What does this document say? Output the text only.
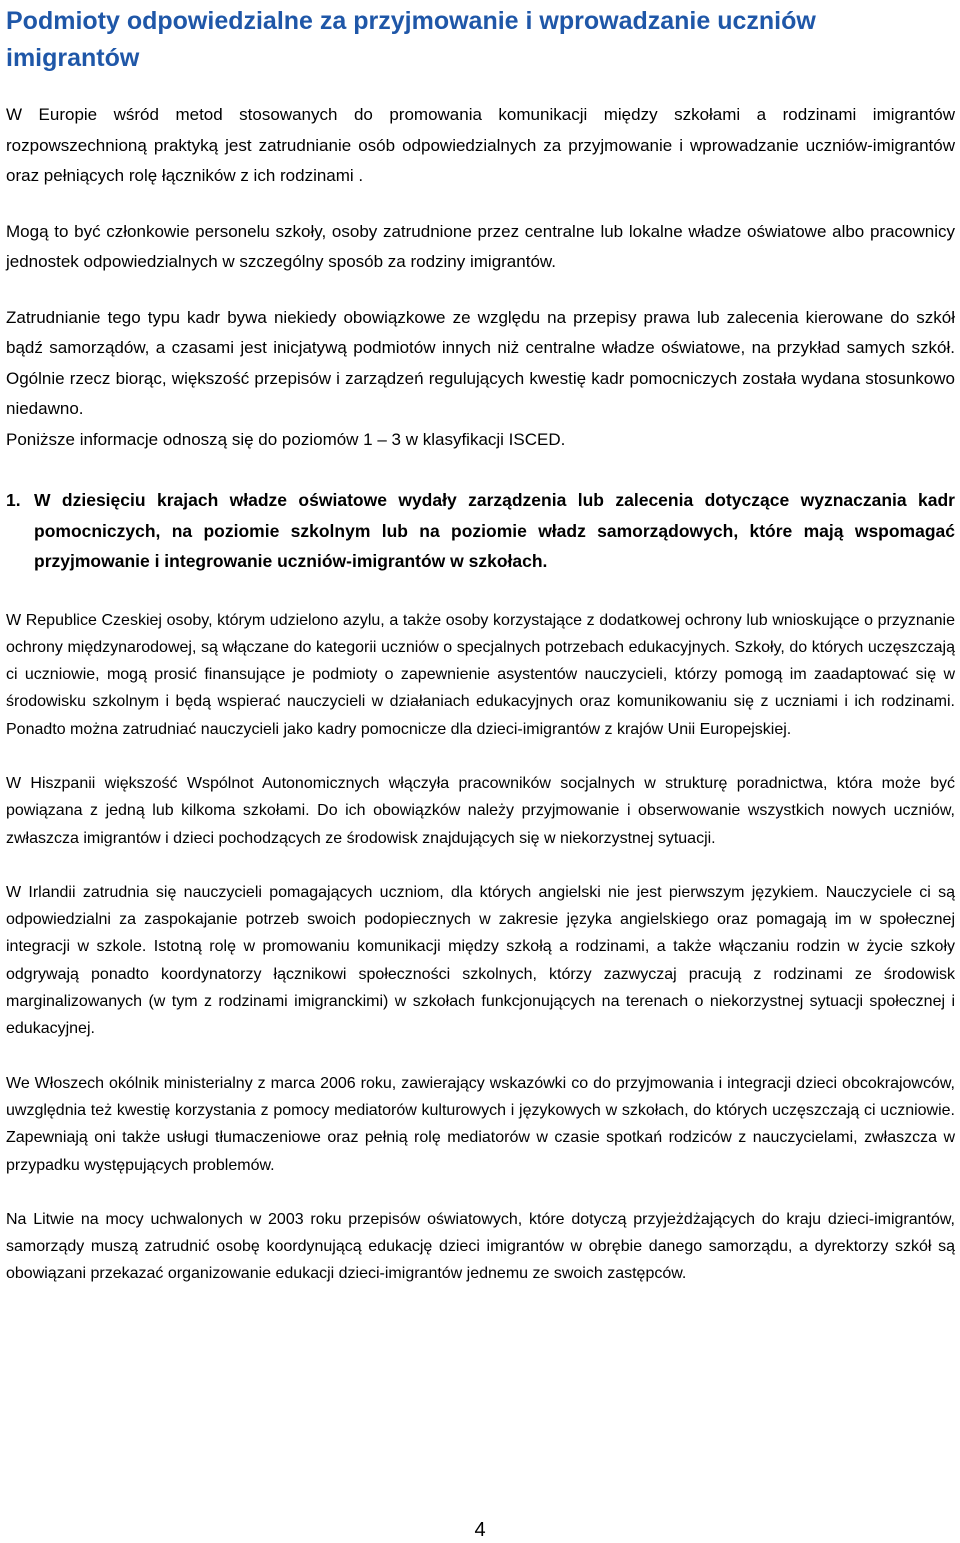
Podmioty odpowiedzialne za przyjmowanie i wprowadzanie uczniów imigrantów

W Europie wśród metod stosowanych do promowania komunikacji między szkołami a rodzinami imigrantów rozpowszechnioną praktyką jest zatrudnianie osób odpowiedzialnych za przyjmowanie i wprowadzanie uczniów-imigrantów oraz pełniących rolę łączników z ich rodzinami .

Mogą to być członkowie personelu szkoły, osoby zatrudnione przez centralne lub lokalne władze oświatowe albo pracownicy jednostek odpowiedzialnych w szczególny sposób za rodziny imigrantów.

Zatrudnianie tego typu kadr bywa niekiedy obowiązkowe ze względu na przepisy prawa lub zalecenia kierowane do szkół bądź samorządów, a czasami jest inicjatywą podmiotów innych niż centralne władze oświatowe, na przykład samych szkół. Ogólnie rzecz biorąc, większość przepisów i zarządzeń regulujących kwestię kadr pomocniczych została wydana stosunkowo niedawno.

Poniższe informacje odnoszą się do poziomów 1 – 3 w klasyfikacji ISCED.

1. W dziesięciu krajach władze oświatowe wydały zarządzenia lub zalecenia dotyczące wyznaczania kadr pomocniczych, na poziomie szkolnym lub na poziomie władz samorządowych, które mają wspomagać przyjmowanie i integrowanie uczniów-imigrantów w szkołach.

W Republice Czeskiej osoby, którym udzielono azylu, a także osoby korzystające z dodatkowej ochrony lub wnioskujące o przyznanie ochrony międzynarodowej, są włączane do kategorii uczniów o specjalnych potrzebach edukacyjnych. Szkoły, do których uczęszczają ci uczniowie, mogą prosić finansujące je podmioty o zapewnienie asystentów nauczycieli, którzy pomogą im zaadaptować się w środowisku szkolnym i będą wspierać nauczycieli w działaniach edukacyjnych oraz komunikowaniu się z uczniami i ich rodzinami. Ponadto można zatrudniać nauczycieli jako kadry pomocnicze dla dzieci-imigrantów z krajów Unii Europejskiej.

W Hiszpanii większość Wspólnot Autonomicznych włączyła pracowników socjalnych w strukturę poradnictwa, która może być powiązana z jedną lub kilkoma szkołami. Do ich obowiązków należy przyjmowanie i obserwowanie wszystkich nowych uczniów, zwłaszcza imigrantów i dzieci pochodzących ze środowisk znajdujących się w niekorzystnej sytuacji.

W Irlandii zatrudnia się nauczycieli pomagających uczniom, dla których angielski nie jest pierwszym językiem. Nauczyciele ci są odpowiedzialni za zaspokajanie potrzeb swoich podopiecznych w zakresie języka angielskiego oraz pomagają im w społecznej integracji w szkole. Istotną rolę w promowaniu komunikacji między szkołą a rodzinami, a także włączaniu rodzin w życie szkoły odgrywają ponadto koordynatorzy łącznikowi społeczności szkolnych, którzy zazwyczaj pracują z rodzinami ze środowisk marginalizowanych (w tym z rodzinami imigranckimi) w szkołach funkcjonujących na terenach o niekorzystnej sytuacji społecznej i edukacyjnej.

We Włoszech okólnik ministerialny z marca 2006 roku, zawierający wskazówki co do przyjmowania i integracji dzieci obcokrajowców, uwzględnia też kwestię korzystania z pomocy mediatorów kulturowych i językowych w szkołach, do których uczęszczają ci uczniowie. Zapewniają oni także usługi tłumaczeniowe oraz pełnią rolę mediatorów w czasie spotkań rodziców z nauczycielami, zwłaszcza w przypadku występujących problemów.

Na Litwie na mocy uchwalonych w 2003 roku przepisów oświatowych, które dotyczą przyjeżdżających do kraju dzieci-imigrantów, samorządy muszą zatrudnić osobę koordynującą edukację dzieci imigrantów w obrębie danego samorządu, a dyrektorzy szkół są obowiązani przekazać organizowanie edukacji dzieci-imigrantów jednemu ze swoich zastępców.

4
